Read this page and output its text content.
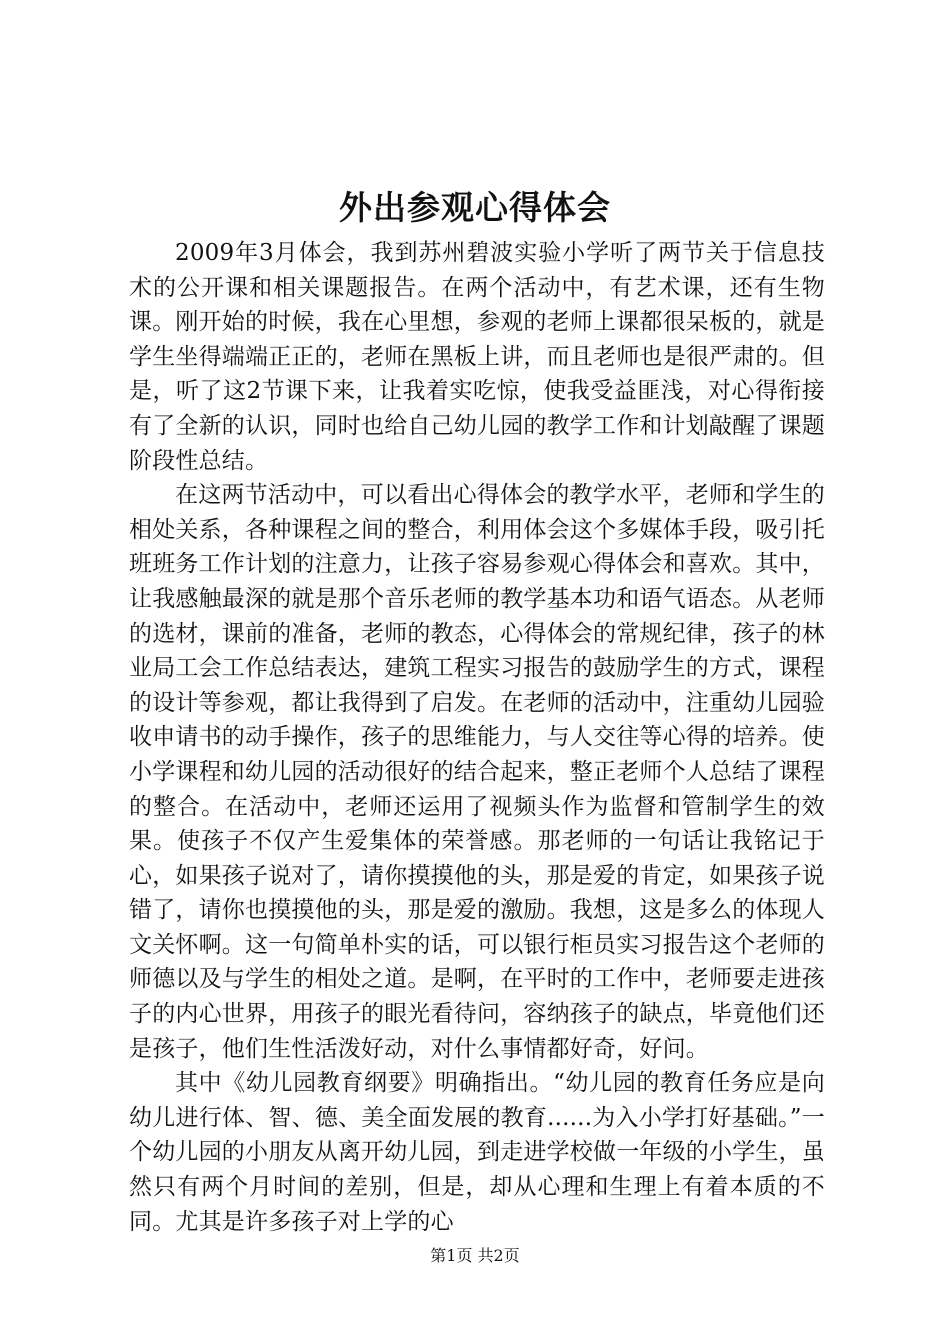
外出参观心得体会

2009年3月体会，我到苏州碧波实验小学听了两节关于信息技术的公开课和相关课题报告。在两个活动中，有艺术课，还有生物课。刚开始的时候，我在心里想，参观的老师上课都很呆板的，就是学生坐得端端正正的，老师在黑板上讲，而且老师也是很严肃的。但是，听了这2节课下来，让我着实吃惊，使我受益匪浅，对心得衔接有了全新的认识，同时也给自己幼儿园的教学工作和计划敲醒了课题阶段性总结。

在这两节活动中，可以看出心得体会的教学水平，老师和学生的相处关系，各种课程之间的整合，利用体会这个多媒体手段，吸引托班班务工作计划的注意力，让孩子容易参观心得体会和喜欢。其中，让我感触最深的就是那个音乐老师的教学基本功和语气语态。从老师的选材，课前的准备，老师的教态，心得体会的常规纪律，孩子的林业局工会工作总结表达，建筑工程实习报告的鼓励学生的方式，课程的设计等参观，都让我得到了启发。在老师的活动中，注重幼儿园验收申请书的动手操作，孩子的思维能力，与人交往等心得的培养。使小学课程和幼儿园的活动很好的结合起来，整正老师个人总结了课程的整合。在活动中，老师还运用了视频头作为监督和管制学生的效果。使孩子不仅产生爱集体的荣誉感。那老师的一句话让我铭记于心，如果孩子说对了，请你摸摸他的头，那是爱的肯定，如果孩子说错了，请你也摸摸他的头，那是爱的激励。我想，这是多么的体现人文关怀啊。这一句简单朴实的话，可以银行柜员实习报告这个老师的师德以及与学生的相处之道。是啊，在平时的工作中，老师要走进孩子的内心世界，用孩子的眼光看待问，容纳孩子的缺点，毕竟他们还是孩子，他们生性活泼好动，对什么事情都好奇，好问。

其中《幼儿园教育纲要》明确指出。“幼儿园的教育任务应是向幼儿进行体、智、德、美全面发展的教育......为入小学打好基础。”一个幼儿园的小朋友从离开幼儿园，到走进学校做一年级的小学生，虽然只有两个月时间的差别，但是，却从心理和生理上有着本质的不同。尤其是许多孩子对上学的心

第1页 共2页
